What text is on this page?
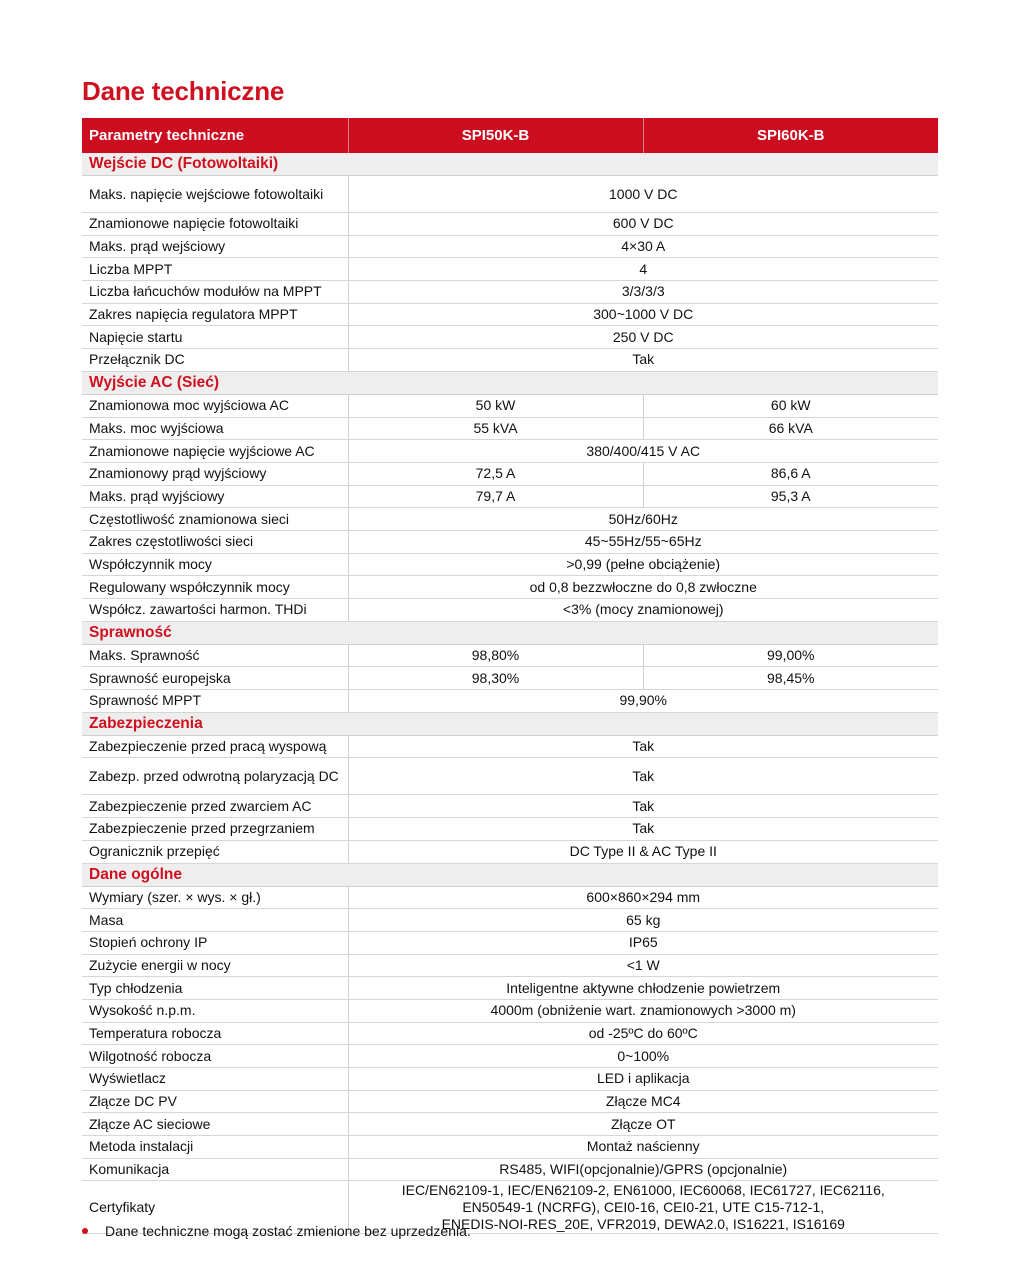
Dane techniczne
Parametry techniczne	SPI50K-B	SPI60K-B
Wejście DC (Fotowoltaiki)		
Maks. napięcie wejściowe fotowoltaiki	1000 V DC	
Znamionowe napięcie fotowoltaiki	600 V DC	
Maks. prąd wejściowy	4×30 A	
Liczba MPPT	4	
Liczba łańcuchów modułów na MPPT	3/3/3/3	
Zakres napięcia regulatora MPPT	300~1000 V DC	
Napięcie startu	250 V DC	
Przełącznik DC	Tak	
Wyjście AC (Sieć)		
Znamionowa moc wyjściowa AC	50 kW	60 kW
Maks. moc wyjściowa	55 kVA	66 kVA
Znamionowe napięcie wyjściowe AC	380/400/415 V AC	
Znamionowy prąd wyjściowy	72,5 A	86,6 A
Maks. prąd wyjściowy	79,7 A	95,3 A
Częstotliwość znamionowa sieci	50Hz/60Hz	
Zakres częstotliwości sieci	45~55Hz/55~65Hz	
Współczynnik mocy	>0,99 (pełne obciążenie)	
Regulowany współczynnik mocy	od 0,8 bezzwłoczne do 0,8 zwłoczne	
Współcz. zawartości harmon. THDi	<3% (mocy znamionowej)	
Sprawność		
Maks. Sprawność	98,80%	99,00%
Sprawność europejska	98,30%	98,45%
Sprawność MPPT	99,90%	
Zabezpieczenia		
Zabezpieczenie przed pracą wyspową	Tak	
Zabezp. przed odwrotną polaryzacją DC	Tak	
Zabezpieczenie przed zwarciem AC	Tak	
Zabezpieczenie przed przegrzaniem	Tak	
Ogranicznik przepięć	DC Type II & AC Type II	
Dane ogólne		
Wymiary (szer. × wys. × gł.)	600×860×294 mm	
Masa	65 kg	
Stopień ochrony IP	IP65	
Zużycie energii w nocy	<1 W	
Typ chłodzenia	Inteligentne aktywne chłodzenie powietrzem	
Wysokość n.p.m.	4000m (obniżenie wart. znamionowych >3000 m)	
Temperatura robocza	od -25ºC do 60ºC	
Wilgotność robocza	0~100%	
Wyświetlacz	LED i aplikacja	
Złącze DC PV	Złącze MC4	
Złącze AC sieciowe	Złącze OT	
Metoda instalacji	Montaż naścienny	
Komunikacja	RS485, WIFI(opcjonalnie)/GPRS (opcjonalnie)	
Certyfikaty	IEC/EN62109-1, IEC/EN62109-2, EN61000, IEC60068, IEC61727, IEC62116,
EN50549-1 (NCRFG), CEI0-16, CEI0-21, UTE C15-712-1,
ENEDIS-NOI-RES_20E, VFR2019, DEWA2.0, IS16221, IS16169	
Dane techniczne mogą zostać zmienione bez uprzedzenia.
